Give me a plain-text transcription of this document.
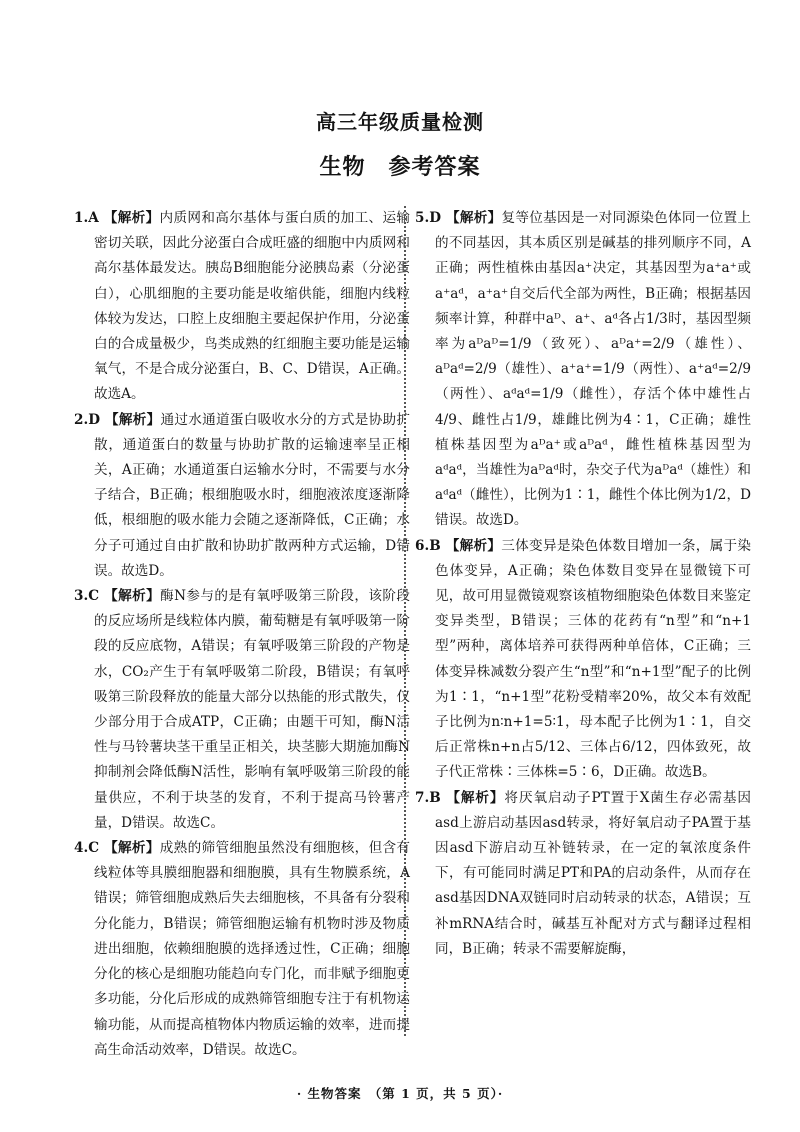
高三年级质量检测
生物　参考答案

1.A 【解析】内质网和高尔基体与蛋白质的加工、运输密切关联，因此分泌蛋白合成旺盛的细胞中内质网和高尔基体最发达。胰岛B细胞能分泌胰岛素（分泌蛋白），心肌细胞的主要功能是收缩供能，细胞内线粒体较为发达，口腔上皮细胞主要起保护作用，分泌蛋白的合成量极少，鸟类成熟的红细胞主要功能是运输氧气，不是合成分泌蛋白，B、C、D错误，A正确。故选A。

2.D 【解析】通过水通道蛋白吸收水分的方式是协助扩散，通道蛋白的数量与协助扩散的运输速率呈正相关，A正确；水通道蛋白运输水分时，不需要与水分子结合，B正确；根细胞吸水时，细胞液浓度逐渐降低，根细胞的吸水能力会随之逐渐降低，C正确；水分子可通过自由扩散和协助扩散两种方式运输，D错误。故选D。

3.C 【解析】酶N参与的是有氧呼吸第三阶段，该阶段的反应场所是线粒体内膜，葡萄糖是有氧呼吸第一阶段的反应底物，A错误；有氧呼吸第三阶段的产物是水，CO₂产生于有氧呼吸第二阶段，B错误；有氧呼吸第三阶段释放的能量大部分以热能的形式散失，仅少部分用于合成ATP，C正确；由题干可知，酶N活性与马铃薯块茎干重呈正相关，块茎膨大期施加酶N抑制剂会降低酶N活性，影响有氧呼吸第三阶段的能量供应，不利于块茎的发育，不利于提高马铃薯产量，D错误。故选C。

4.C 【解析】成熟的筛管细胞虽然没有细胞核，但含有线粒体等具膜细胞器和细胞膜，具有生物膜系统，A错误；筛管细胞成熟后失去细胞核，不具备有分裂和分化能力，B错误；筛管细胞运输有机物时涉及物质进出细胞，依赖细胞膜的选择透过性，C正确；细胞分化的核心是细胞功能趋向专门化，而非赋予细胞更多功能，分化后形成的成熟筛管细胞专注于有机物运输功能，从而提高植物体内物质运输的效率，进而提高生命活动效率，D错误。故选C。

5.D 【解析】复等位基因是一对同源染色体同一位置上的不同基因，其本质区别是碱基的排列顺序不同，A正确；两性植株由基因a⁺决定，其基因型为a⁺a⁺或a⁺aᵈ，a⁺a⁺自交后代全部为两性，B正确；根据基因频率计算，种群中aᴰ、a⁺、aᵈ各占1/3时，基因型频率为aᴰaᴰ=1/9（致死）、aᴰa⁺=2/9（雄性）、aᴰaᵈ=2/9（雄性）、a⁺a⁺=1/9（两性）、a⁺aᵈ=2/9（两性）、aᵈaᵈ=1/9（雌性），存活个体中雄性占4/9、雌性占1/9，雄雌比例为4∶1，C正确；雄性植株基因型为aᴰa⁺或aᴰaᵈ，雌性植株基因型为aᵈaᵈ，当雄性为aᴰaᵈ时，杂交子代为aᴰaᵈ（雄性）和aᵈaᵈ（雌性），比例为1∶1，雌性个体比例为1/2，D错误。故选D。

6.B 【解析】三体变异是染色体数目增加一条，属于染色体变异，A正确；染色体数目变异在显微镜下可见，故可用显微镜观察该植物细胞染色体数目来鉴定变异类型，B错误；三体的花药有“n型”和“n+1型”两种，离体培养可获得两种单倍体，C正确；三体变异株减数分裂产生“n型”和“n+1型”配子的比例为1∶1，“n+1型”花粉受精率20%，故父本有效配子比例为n∶n+1=5∶1，母本配子比例为1∶1，自交后正常株n+n占5/12、三体占6/12，四体致死，故子代正常株∶三体株=5∶6，D正确。故选B。

7.B 【解析】将厌氧启动子PT置于X菌生存必需基因asd上游启动基因asd转录，将好氧启动子PA置于基因asd下游启动互补链转录，在一定的氧浓度条件下，有可能同时满足PT和PA的启动条件，从而存在asd基因DNA双链同时启动转录的状态，A错误；互补mRNA结合时，碱基互补配对方式与翻译过程相同，B正确；转录不需要解旋酶，

· 生物答案　（第 1 页，共 5 页）·
